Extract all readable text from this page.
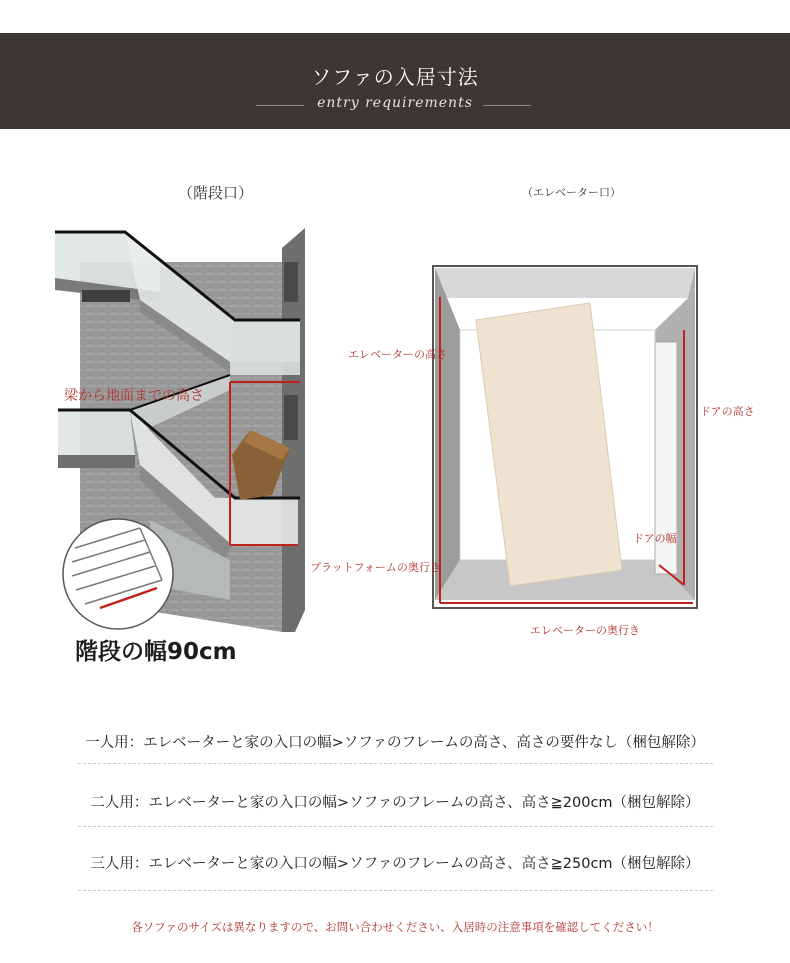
ソファの入居寸法
entry requirements
（階段口）	（エレベーター口）
梁から地面までの高さ
プラットフォームの奥行き
エレベーターの高さ
ドアの高さ
ドアの幅
エレベーターの奥行き
階段の幅90cm
一人用：エレベーターと家の入口の幅>ソファのフレームの高さ、高さの要件なし（梱包解除）
二人用：エレベーターと家の入口の幅>ソファのフレームの高さ、高さ≧200cm（梱包解除）
三人用：エレベーターと家の入口の幅>ソファのフレームの高さ、高さ≧250cm（梱包解除）
各ソファのサイズは異なりますので、お問い合わせください、入居時の注意事項を確認してください！
